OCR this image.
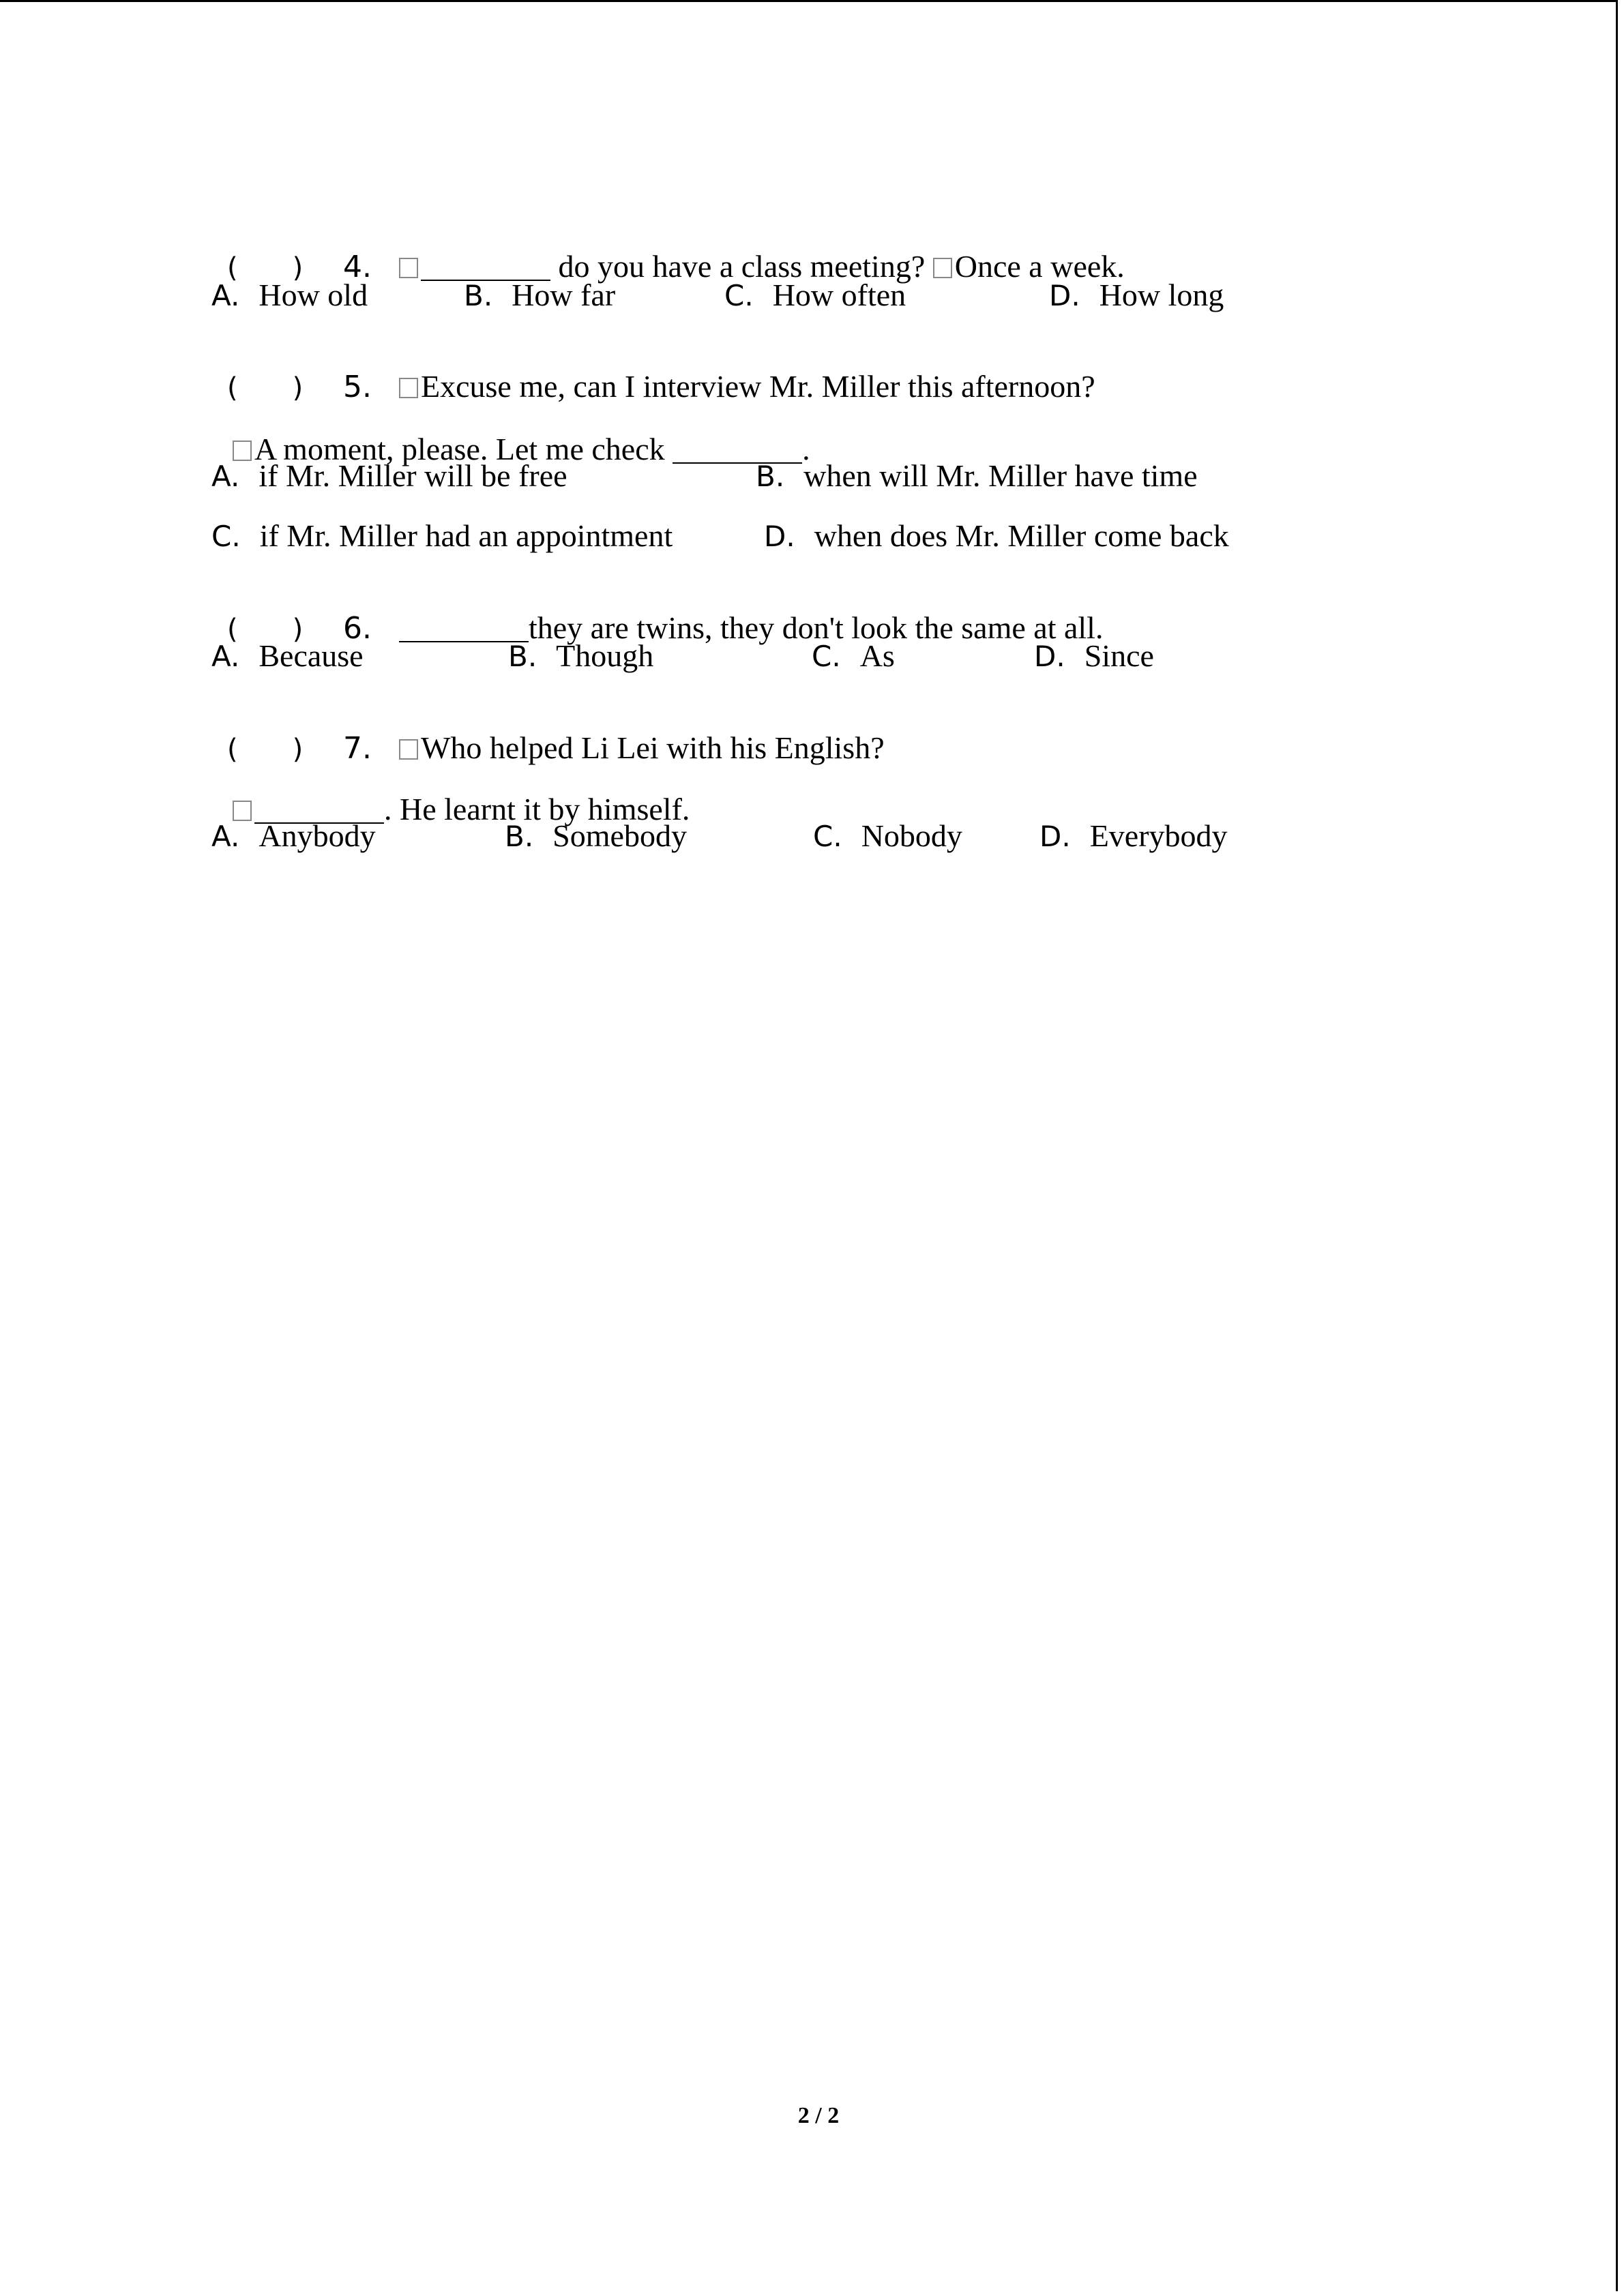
(　　) 4.	do you have a class meeting? Once a week.

A. How old	B. How far	C. How often	D. How long

(　　) 5. Excuse me, can I interview Mr. Miller this afternoon?

A moment, please. Let me check	.

A. if Mr. Miller will be free	B. when will Mr. Miller have time
C. if Mr. Miller had an appointment	D. when does Mr. Miller come back

(　　) 6.	they are twins, they don't look the same at all.

A. Because	B. Though	C. As	D. Since

(　　) 7. Who helped Li Lei with his English?

. He learnt it by himself.

A. Anybody	B. Somebody	C. Nobody	D. Everybody
2 / 2
